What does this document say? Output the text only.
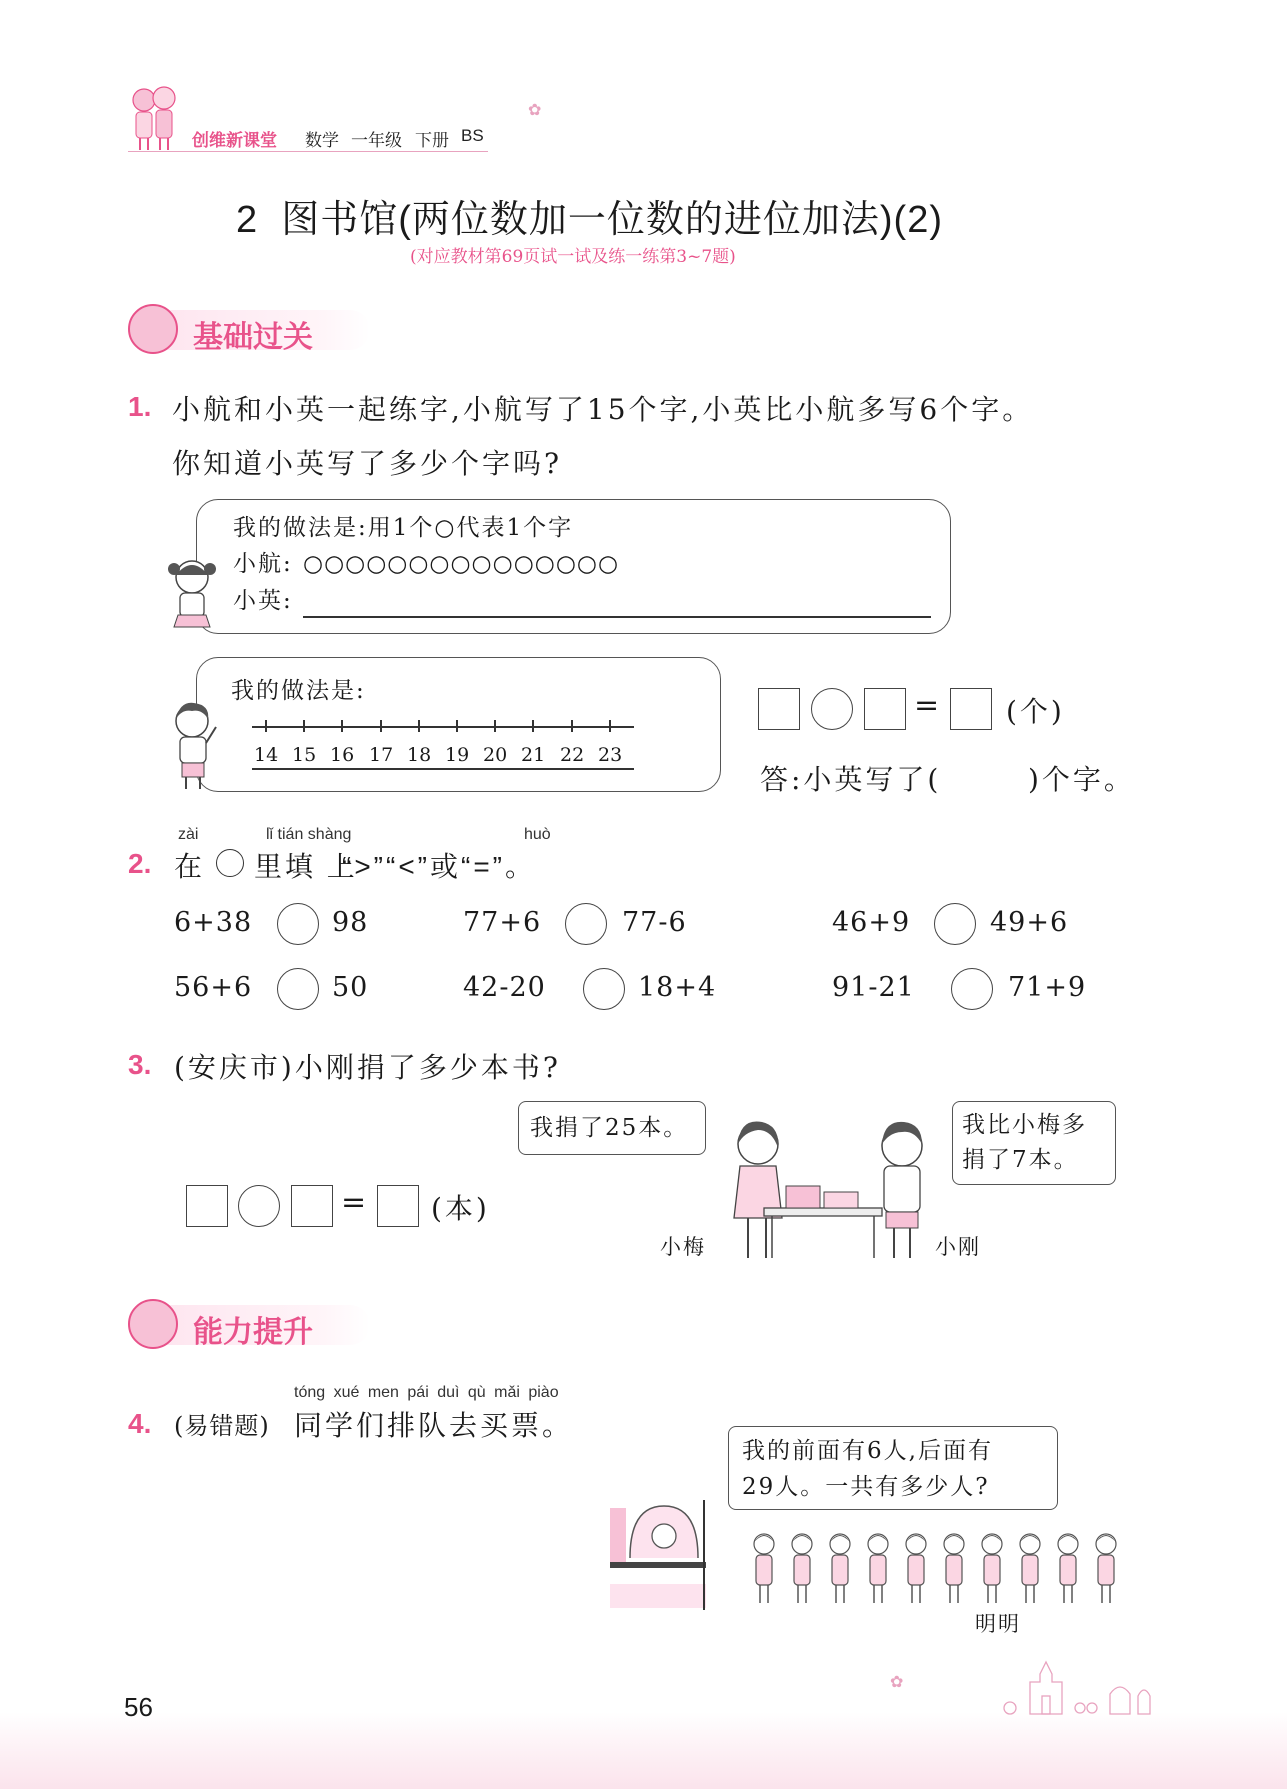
创维新课堂 数学 一年级 下册 BS
✿
2  图书馆(两位数加一位数的进位加法)(2)
(对应教材第69页试一试及练一练第3~7题)
基础过关
1. 小航和小英一起练字,小航写了15个字,小英比小航多写6个字。
你知道小英写了多少个字吗?
我的做法是:用1个○代表1个字
小航: ○○○○○○○○○○○○○○○
小英:
我的做法是:
14 15 16 17 18 19 20 21 22 23
= (个)
答:小英写了(	)个字。
zài	lǐ tián shàng	huò
2. 在 里填 上
“>”“<”或“=”。
6+38	98	77+6	77-6	46+9	49+6
56+6	50	42-20	18+4	91-21	71+9
3. (安庆市)小刚捐了多少本书?
我捐了25本。	我比小梅多
捐了7本。
小梅	小刚
= (本)
能力提升
tóng xué men pái duì qù mǎi piào
4. (易错题) 同学们排队去买票。
我的前面有6人,后面有
29人。一共有多少人?
明明
56
✿
